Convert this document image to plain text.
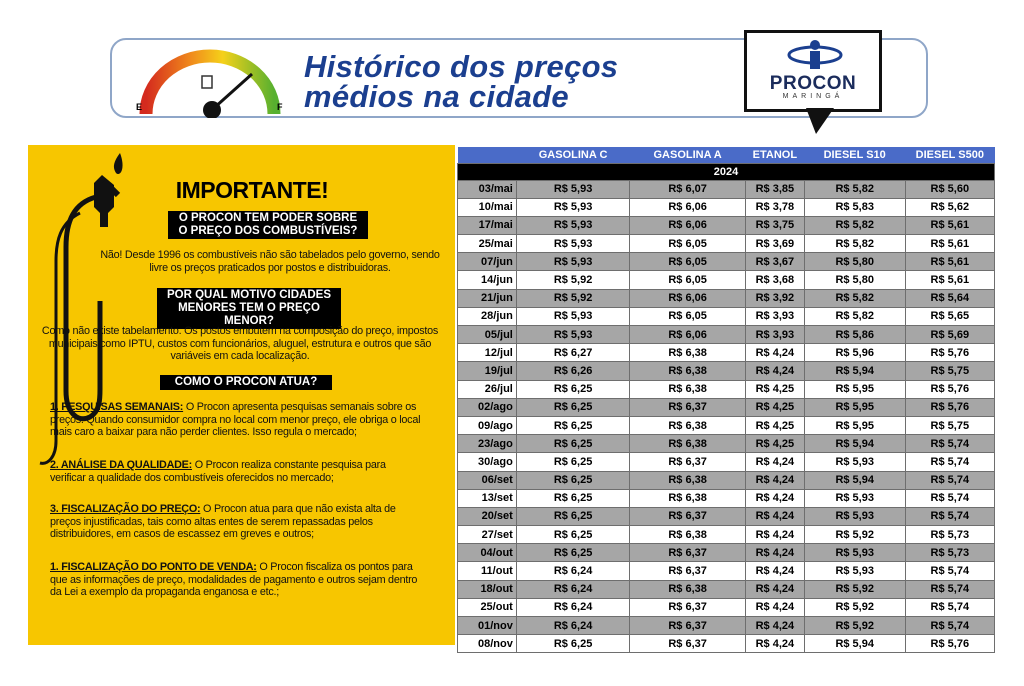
E	F
Histórico dos preços
médios na cidade	PROCON
MARINGÁ
IMPORTANTE!
O PROCON TEM PODER SOBRE O PREÇO DOS COMBUSTÍVEIS?
Não! Desde 1996 os combustíveis não são tabelados pelo governo, sendo livre os preços praticados por postos e distribuidoras.
POR QUAL MOTIVO CIDADES MENORES TEM O PREÇO MENOR?
Como não existe tabelamento. Os postos embutem na composição do preço, impostos municipais como IPTU, custos com funcionários, aluguel, estrutura e outros que são variáveis em cada localização.
COMO O PROCON ATUA?
1. PESQUISAS SEMANAIS: O Procon apresenta pesquisas semanais sobre os preços. Quando consumidor compra no local com menor preço, ele obriga o local mais caro a baixar para não perder clientes. Isso regula o mercado;
2. ANÁLISE DA QUALIDADE: O Procon realiza constante pesquisa para verificar a qualidade dos combustíveis oferecidos no mercado;
3. FISCALIZAÇÃO DO PREÇO: O Procon atua para que não exista alta de preços injustificadas, tais como altas entes de serem repassadas pelos distribuidores, em casos de escassez em greves e outros;
1. FISCALIZAÇÃO DO PONTO DE VENDA: O Procon fiscaliza os pontos para que as informações de preço, modalidades de pagamento e outros sejam dentro da Lei a exemplo da propaganda enganosa e etc.;
	GASOLINA C	GASOLINA A	ETANOL	DIESEL S10	DIESEL S500
2024					
03/mai	R$ 5,93	R$ 6,07	R$ 3,85	R$ 5,82	R$ 5,60
10/mai	R$ 5,93	R$ 6,06	R$ 3,78	R$ 5,83	R$ 5,62
17/mai	R$ 5,93	R$ 6,06	R$ 3,75	R$ 5,82	R$ 5,61
25/mai	R$ 5,93	R$ 6,05	R$ 3,69	R$ 5,82	R$ 5,61
07/jun	R$ 5,93	R$ 6,05	R$ 3,67	R$ 5,80	R$ 5,61
14/jun	R$ 5,92	R$ 6,05	R$ 3,68	R$ 5,80	R$ 5,61
21/jun	R$ 5,92	R$ 6,06	R$ 3,92	R$ 5,82	R$ 5,64
28/jun	R$ 5,93	R$ 6,05	R$ 3,93	R$ 5,82	R$ 5,65
05/jul	R$ 5,93	R$ 6,06	R$ 3,93	R$ 5,86	R$ 5,69
12/jul	R$ 6,27	R$ 6,38	R$ 4,24	R$ 5,96	R$ 5,76
19/jul	R$ 6,26	R$ 6,38	R$ 4,24	R$ 5,94	R$ 5,75
26/jul	R$ 6,25	R$ 6,38	R$ 4,25	R$ 5,95	R$ 5,76
02/ago	R$ 6,25	R$ 6,37	R$ 4,25	R$ 5,95	R$ 5,76
09/ago	R$ 6,25	R$ 6,38	R$ 4,25	R$ 5,95	R$ 5,75
23/ago	R$ 6,25	R$ 6,38	R$ 4,25	R$ 5,94	R$ 5,74
30/ago	R$ 6,25	R$ 6,37	R$ 4,24	R$ 5,93	R$ 5,74
06/set	R$ 6,25	R$ 6,38	R$ 4,24	R$ 5,94	R$ 5,74
13/set	R$ 6,25	R$ 6,38	R$ 4,24	R$ 5,93	R$ 5,74
20/set	R$ 6,25	R$ 6,37	R$ 4,24	R$ 5,93	R$ 5,74
27/set	R$ 6,25	R$ 6,38	R$ 4,24	R$ 5,92	R$ 5,73
04/out	R$ 6,25	R$ 6,37	R$ 4,24	R$ 5,93	R$ 5,73
11/out	R$ 6,24	R$ 6,37	R$ 4,24	R$ 5,93	R$ 5,74
18/out	R$ 6,24	R$ 6,38	R$ 4,24	R$ 5,92	R$ 5,74
25/out	R$ 6,24	R$ 6,37	R$ 4,24	R$ 5,92	R$ 5,74
01/nov	R$ 6,24	R$ 6,37	R$ 4,24	R$ 5,92	R$ 5,74
08/nov	R$ 6,25	R$ 6,37	R$ 4,24	R$ 5,94	R$ 5,76
